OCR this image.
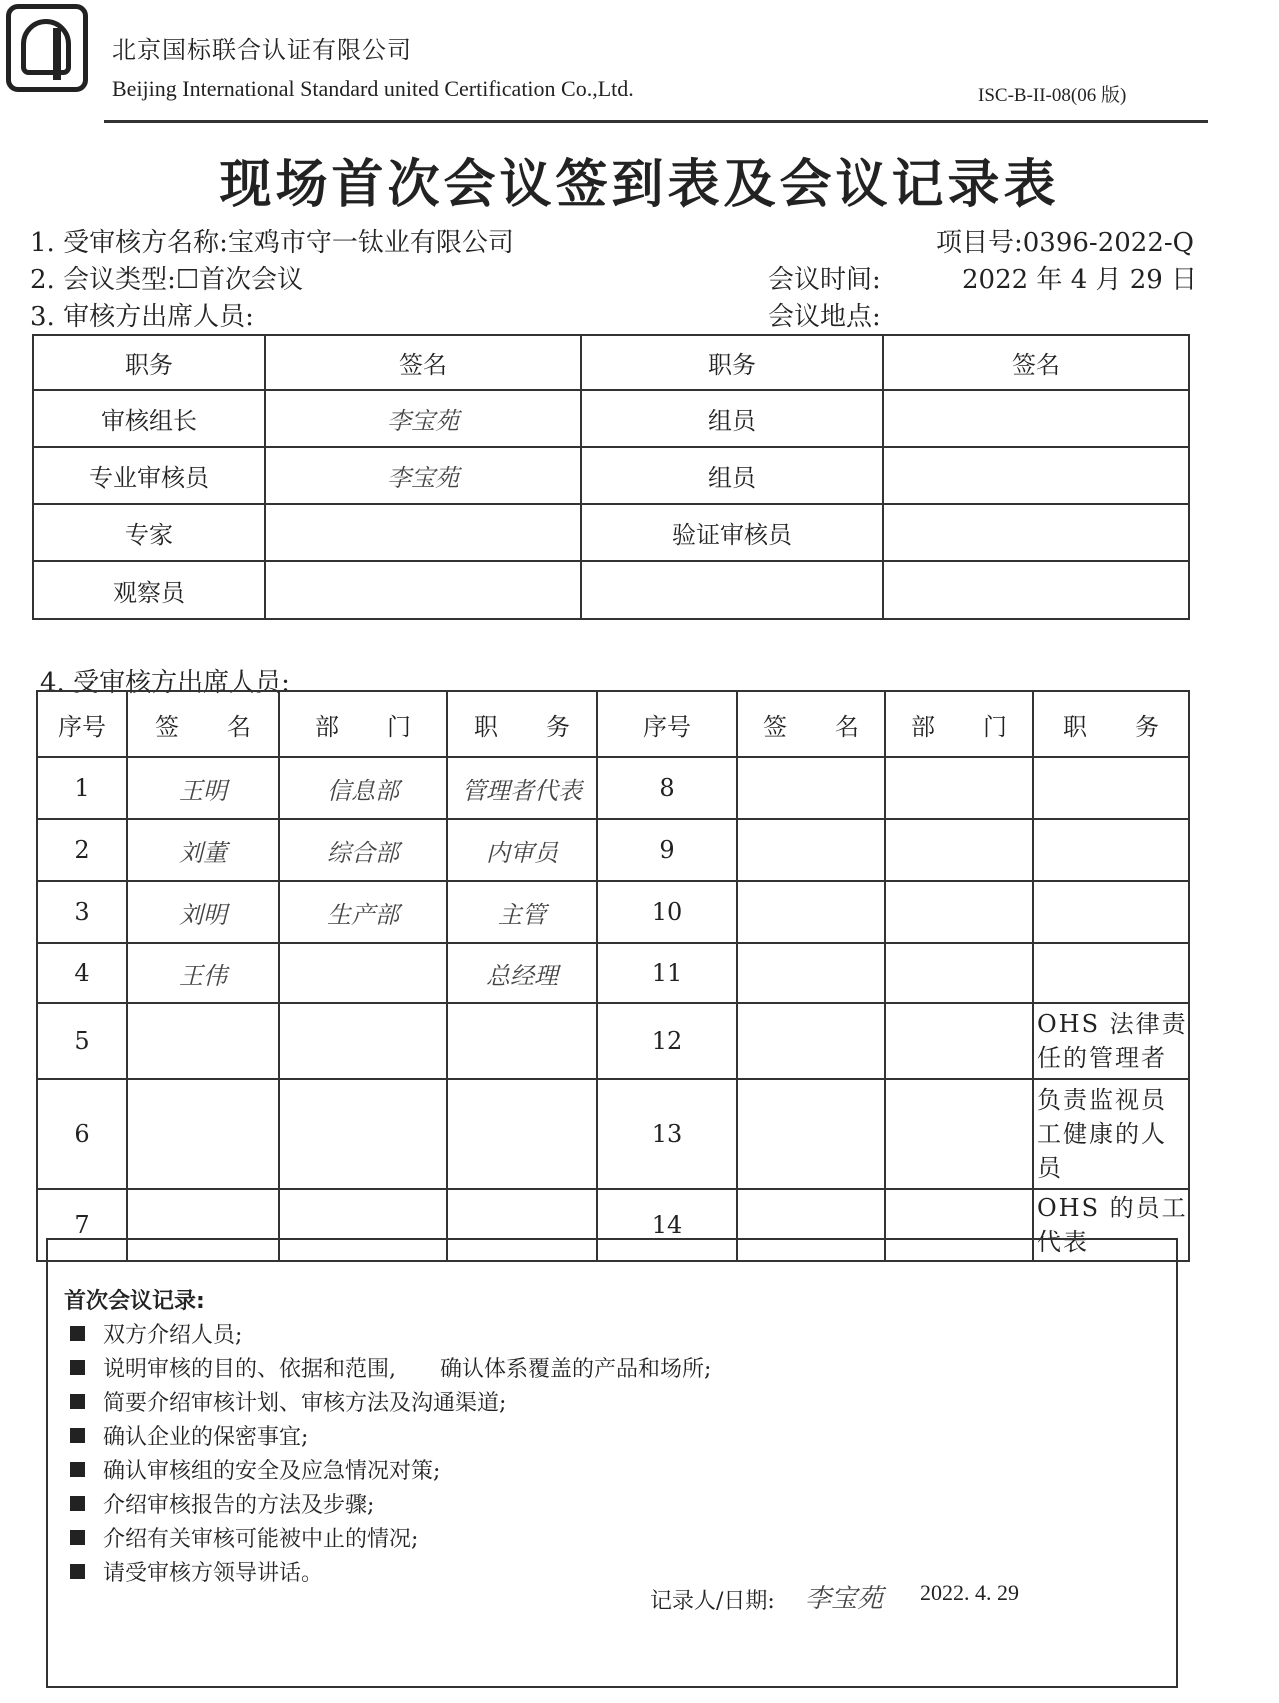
北京国标联合认证有限公司
Beijing International Standard united Certification Co.,Ltd.	ISC-B-II-08(06 版)
现场首次会议签到表及会议记录表
1. 受审核方名称:宝鸡市守一钛业有限公司	项目号:0396-2022-Q
2. 会议类型:☐首次会议	会议时间:	2022 年 4 月 29 日
3. 审核方出席人员:	会议地点:
职务	签名	职务	签名
审核组长	李宝苑	组员	
专业审核员	李宝苑	组员	
专家		验证审核员	
观察员			
4. 受审核方出席人员:
序号	签　　名	部　　门	职　　务	序号	签　　名	部　　门	职　　务
1	王明	信息部	管理者代表	8			
2	刘董	综合部	内审员	9			
3	刘明	生产部	主管	10			
4	王伟		总经理	11			
5				12			OHS 法律责任的管理者
6				13			负责监视员工健康的人员
7				14			OHS 的员工代表
首次会议记录:
双方介绍人员;
说明审核的目的、依据和范围,　　确认体系覆盖的产品和场所;
简要介绍审核计划、审核方法及沟通渠道;
确认企业的保密事宜;
确认审核组的安全及应急情况对策;
介绍审核报告的方法及步骤;
介绍有关审核可能被中止的情况;
请受审核方领导讲话。
记录人/日期: 李宝苑 2022. 4. 29
